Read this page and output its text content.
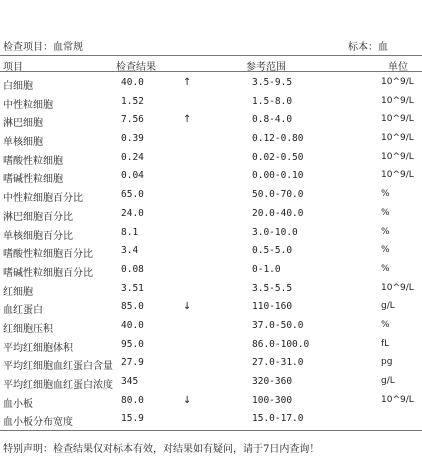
检查项目：血常规	标本：血
项目	检查结果	参考范围	单位
白细胞	40.0	↑	3.5-9.5	10^9/L
中性粒细胞	1.52	1.5-8.0	10^9/L
淋巴细胞	7.56	↑	0.8-4.0	10^9/L
单核细胞	0.39	0.12-0.80	10^9/L
嗜酸性粒细胞	0.24	0.02-0.50	10^9/L
嗜碱性粒细胞	0.04	0.00-0.10	10^9/L
中性粒细胞百分比	65.0	50.0-70.0	%
淋巴细胞百分比	24.0	20.0-40.0	%
单核细胞百分比	8.1	3.0-10.0	%
嗜酸性粒细胞百分比	3.4	0.5-5.0	%
嗜碱性粒细胞百分比	0.08	0-1.0	%
红细胞	3.51	3.5-5.5	10^9/L
血红蛋白	85.0	↓	110-160	g/L
红细胞压积	40.0	37.0-50.0	%
平均红细胞体积	95.0	86.0-100.0	fL
平均红细胞血红蛋白含量 27.9	27.0-31.0	pg
平均红细胞血红蛋白浓度 345	320-360	g/L
血小板	80.0	↓	100-300	10^9/L
血小板分布宽度	15.9	15.0-17.0
特别声明：检查结果仅对标本有效，对结果如有疑问，请于7日内查询！
